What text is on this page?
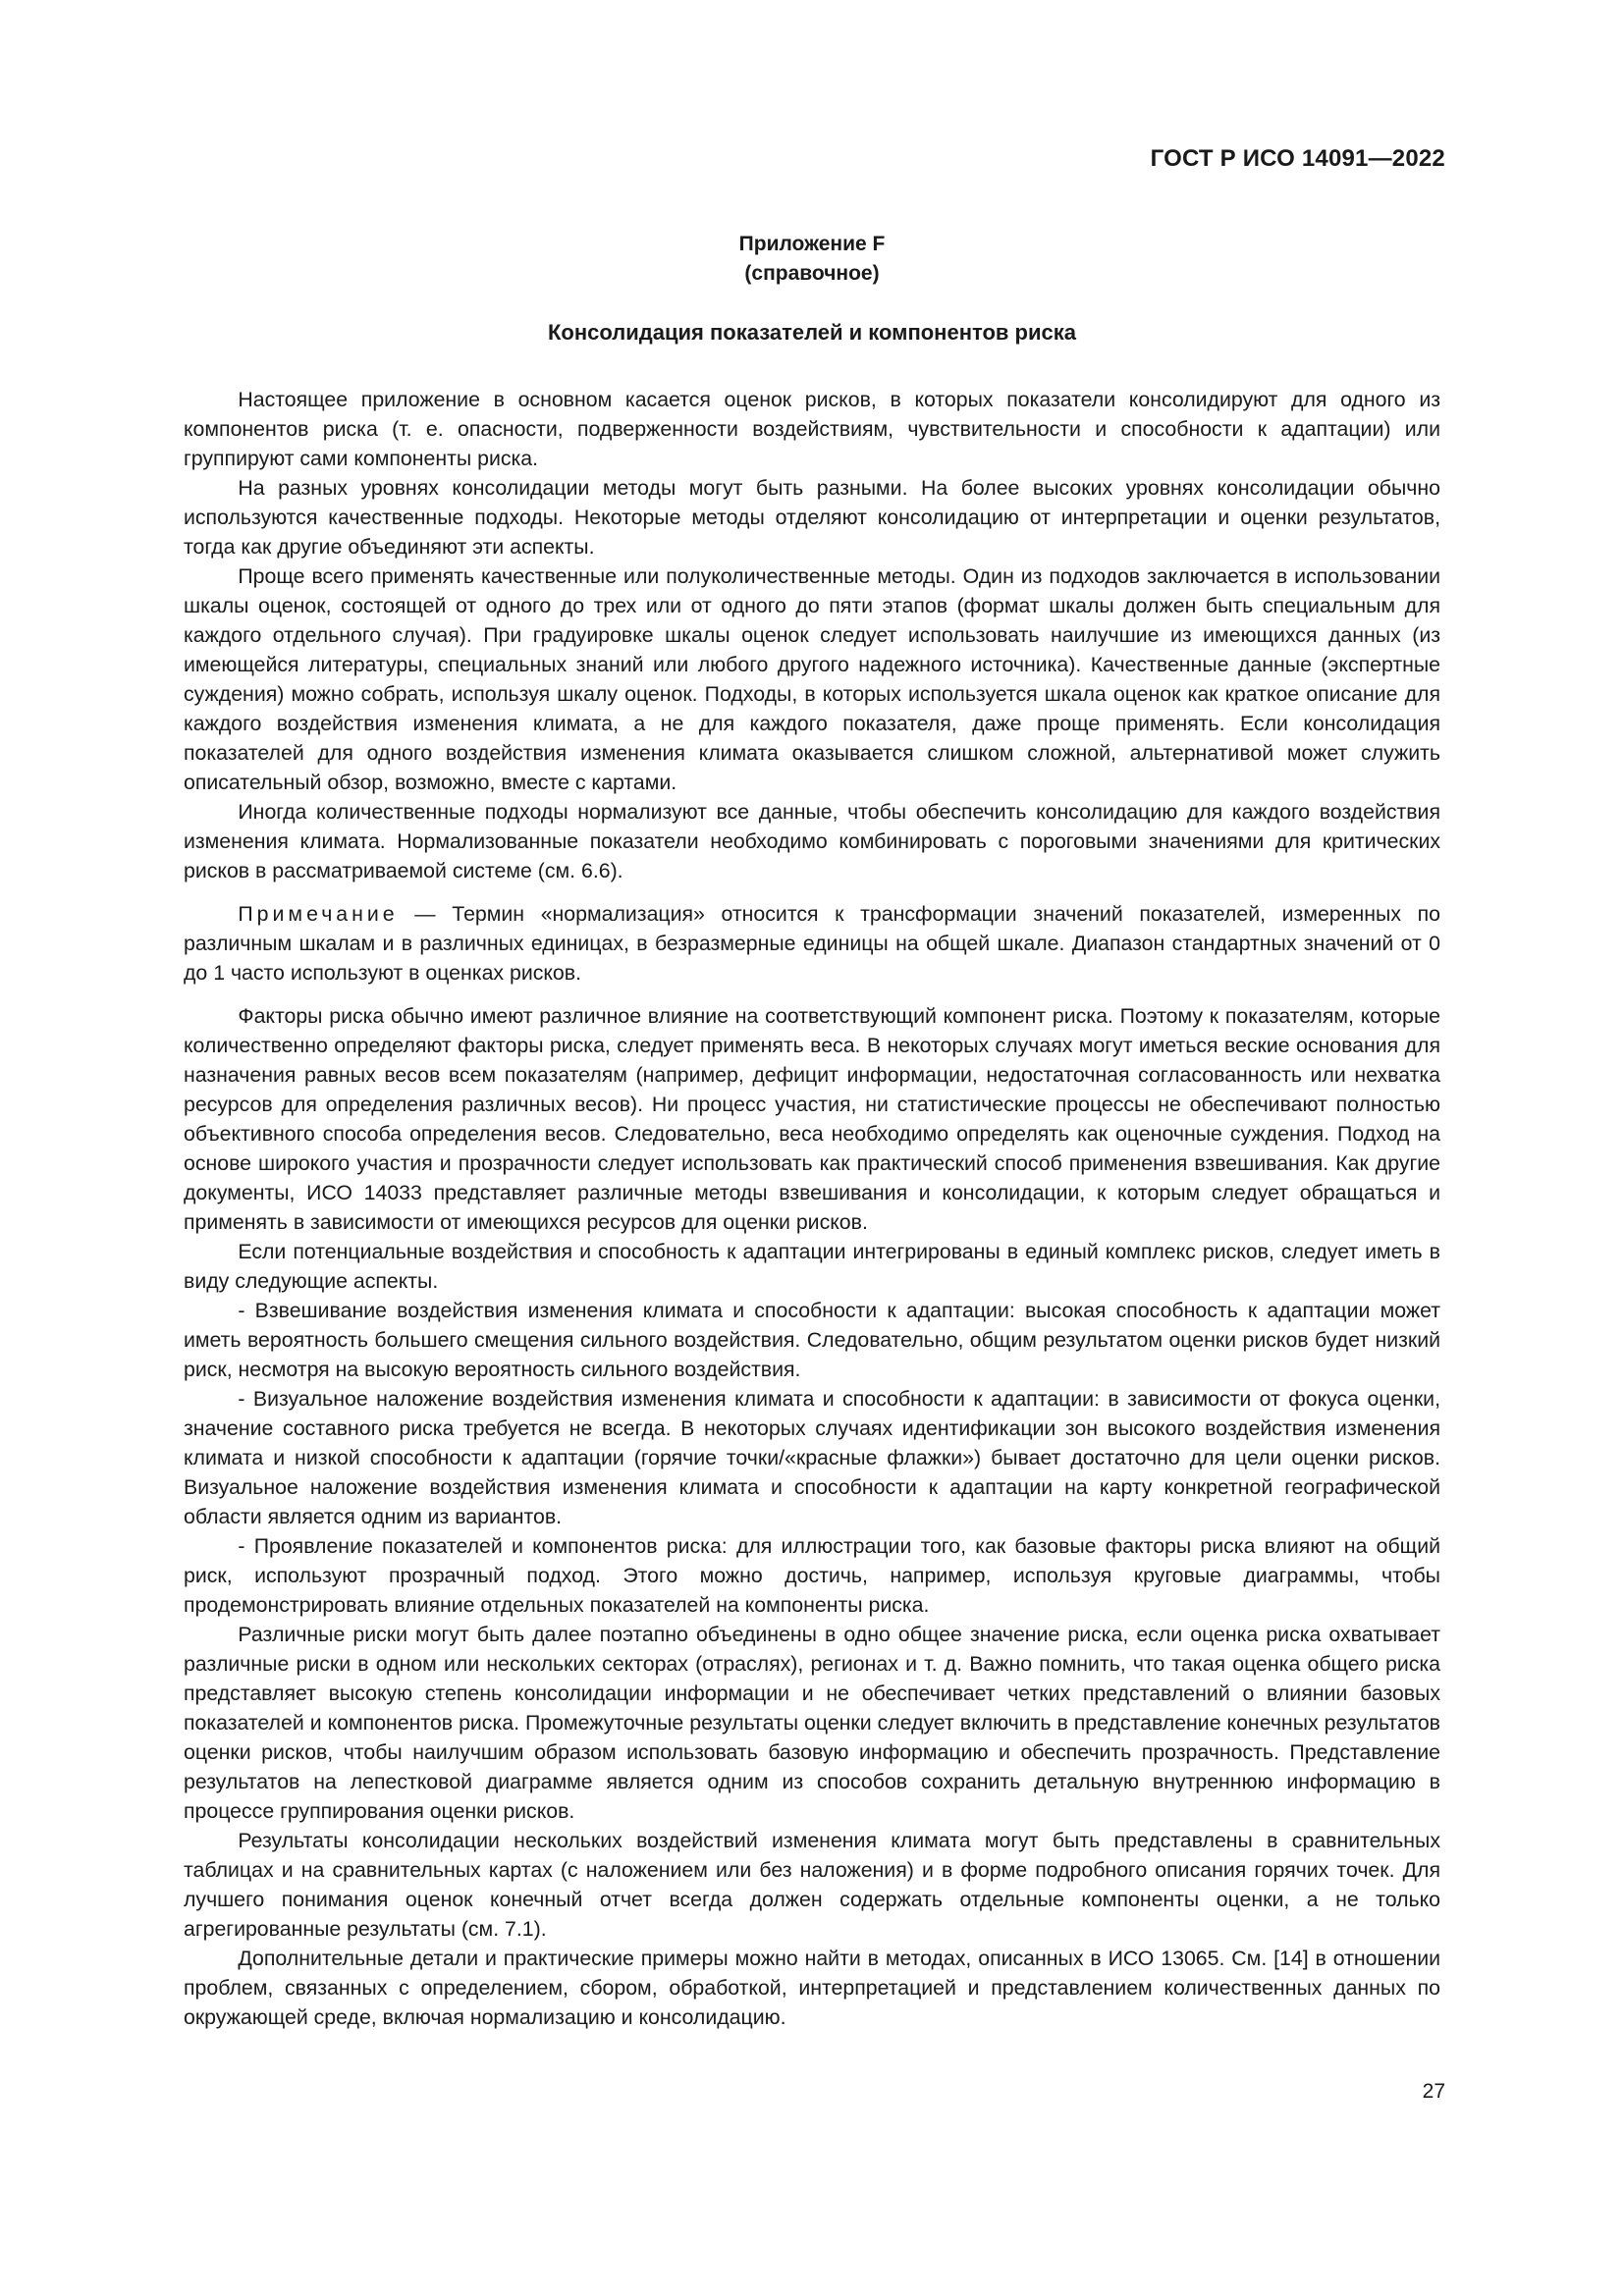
ГОСТ Р ИСО 14091—2022
Приложение F
(справочное)
Консолидация показателей и компонентов риска

Настоящее приложение в основном касается оценок рисков, в которых показатели консолидируют для одного из компонентов риска (т. е. опасности, подверженности воздействиям, чувствительности и способности к адаптации) или группируют сами компоненты риска.

На разных уровнях консолидации методы могут быть разными. На более высоких уровнях консолидации обычно используются качественные подходы. Некоторые методы отделяют консолидацию от интерпретации и оценки результатов, тогда как другие объединяют эти аспекты.

Проще всего применять качественные или полуколичественные методы. Один из подходов заключается в использовании шкалы оценок, состоящей от одного до трех или от одного до пяти этапов (формат шкалы должен быть специальным для каждого отдельного случая). При градуировке шкалы оценок следует использовать наилучшие из имеющихся данных (из имеющейся литературы, специальных знаний или любого другого надежного источника). Качественные данные (экспертные суждения) можно собрать, используя шкалу оценок. Подходы, в которых используется шкала оценок как краткое описание для каждого воздействия изменения климата, а не для каждого показателя, даже проще применять. Если консолидация показателей для одного воздействия изменения климата оказывается слишком сложной, альтернативой может служить описательный обзор, возможно, вместе с картами.

Иногда количественные подходы нормализуют все данные, чтобы обеспечить консолидацию для каждого воздействия изменения климата. Нормализованные показатели необходимо комбинировать с пороговыми значениями для критических рисков в рассматриваемой системе (см. 6.6).

Примечание — Термин «нормализация» относится к трансформации значений показателей, измеренных по различным шкалам и в различных единицах, в безразмерные единицы на общей шкале. Диапазон стандартных значений от 0 до 1 часто используют в оценках рисков.

Факторы риска обычно имеют различное влияние на соответствующий компонент риска. Поэтому к показателям, которые количественно определяют факторы риска, следует применять веса. В некоторых случаях могут иметься веские основания для назначения равных весов всем показателям (например, дефицит информации, недостаточная согласованность или нехватка ресурсов для определения различных весов). Ни процесс участия, ни статистические процессы не обеспечивают полностью объективного способа определения весов. Следовательно, веса необходимо определять как оценочные суждения. Подход на основе широкого участия и прозрачности следует использовать как практический способ применения взвешивания. Как другие документы, ИСО 14033 представляет различные методы взвешивания и консолидации, к которым следует обращаться и применять в зависимости от имеющихся ресурсов для оценки рисков.

Если потенциальные воздействия и способность к адаптации интегрированы в единый комплекс рисков, следует иметь в виду следующие аспекты.

- Взвешивание воздействия изменения климата и способности к адаптации: высокая способность к адаптации может иметь вероятность большего смещения сильного воздействия. Следовательно, общим результатом оценки рисков будет низкий риск, несмотря на высокую вероятность сильного воздействия.

- Визуальное наложение воздействия изменения климата и способности к адаптации: в зависимости от фокуса оценки, значение составного риска требуется не всегда. В некоторых случаях идентификации зон высокого воздействия изменения климата и низкой способности к адаптации (горячие точки/«красные флажки») бывает достаточно для цели оценки рисков. Визуальное наложение воздействия изменения климата и способности к адаптации на карту конкретной географической области является одним из вариантов.

- Проявление показателей и компонентов риска: для иллюстрации того, как базовые факторы риска влияют на общий риск, используют прозрачный подход. Этого можно достичь, например, используя круговые диаграммы, чтобы продемонстрировать влияние отдельных показателей на компоненты риска.

Различные риски могут быть далее поэтапно объединены в одно общее значение риска, если оценка риска охватывает различные риски в одном или нескольких секторах (отраслях), регионах и т. д. Важно помнить, что такая оценка общего риска представляет высокую степень консолидации информации и не обеспечивает четких представлений о влиянии базовых показателей и компонентов риска. Промежуточные результаты оценки следует включить в представление конечных результатов оценки рисков, чтобы наилучшим образом использовать базовую информацию и обеспечить прозрачность. Представление результатов на лепестковой диаграмме является одним из способов сохранить детальную внутреннюю информацию в процессе группирования оценки рисков.

Результаты консолидации нескольких воздействий изменения климата могут быть представлены в сравнительных таблицах и на сравнительных картах (с наложением или без наложения) и в форме подробного описания горячих точек. Для лучшего понимания оценок конечный отчет всегда должен содержать отдельные компоненты оценки, а не только агрегированные результаты (см. 7.1).

Дополнительные детали и практические примеры можно найти в методах, описанных в ИСО 13065. См. [14] в отношении проблем, связанных с определением, сбором, обработкой, интерпретацией и представлением количественных данных по окружающей среде, включая нормализацию и консолидацию.

27
